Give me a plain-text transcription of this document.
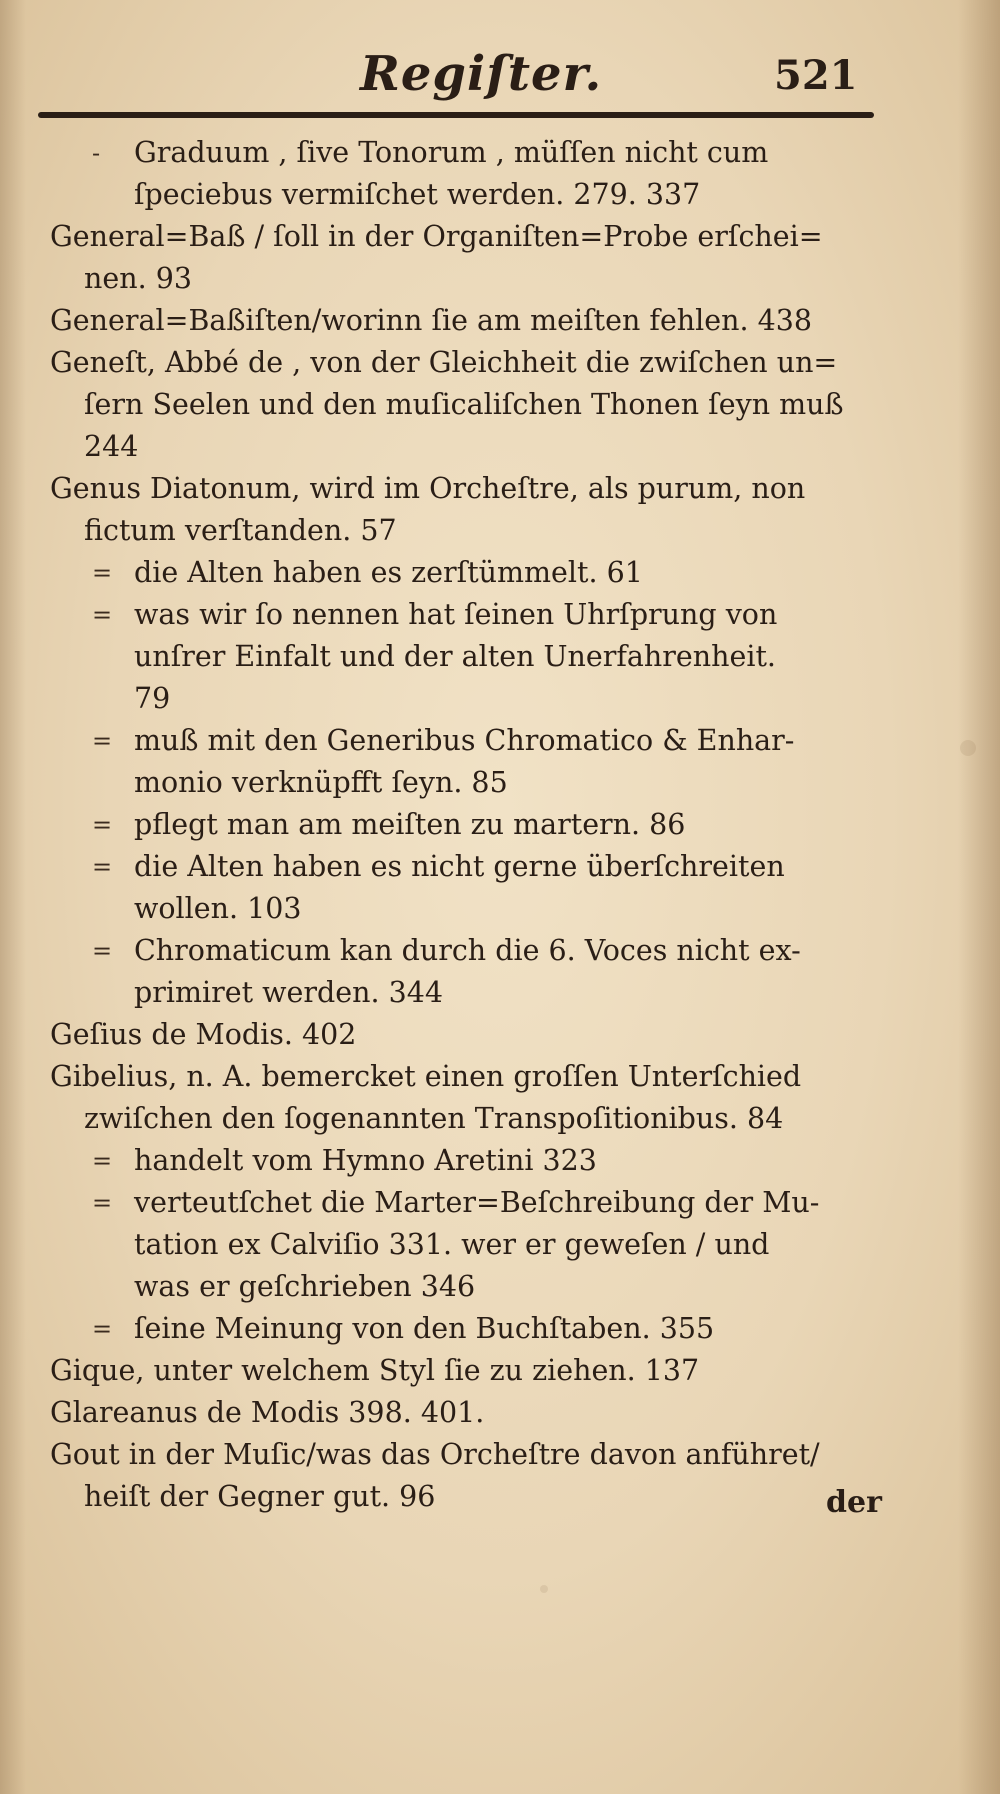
Regiſter.	521
- Graduum , ſive Tonorum , müſſen nicht cum
ſpeciebus vermiſchet werden. 279. 337
General=Baß / ſoll in der Organiſten=Probe erſchei=
nen. 93
General=Baßiſten/worinn ſie am meiſten fehlen. 438
Geneſt, Abbé de , von der Gleichheit die zwiſchen un=
ſern Seelen und den muſicaliſchen Thonen ſeyn muß
244
Genus Diatonum, wird im Orcheſtre, als purum, non
fictum verſtanden. 57
= die Alten haben es zerſtümmelt. 61
= was wir ſo nennen hat ſeinen Uhrſprung von
unſrer Einfalt und der alten Unerfahrenheit.
79
= muß mit den Generibus Chromatico & Enhar-
monio verknüpfft ſeyn. 85
= pflegt man am meiſten zu martern. 86
= die Alten haben es nicht gerne überſchreiten
wollen. 103
= Chromaticum kan durch die 6. Voces nicht ex-
primiret werden. 344
Geſius de Modis. 402
Gibelius, n. A. bemercket einen groſſen Unterſchied
zwiſchen den ſogenannten Transpoſitionibus. 84
= handelt vom Hymno Aretini 323
= verteutſchet die Marter=Beſchreibung der Mu-
tation ex Calviſio 331. wer er geweſen / und
was er geſchrieben 346
= ſeine Meinung von den Buchſtaben. 355
Gique, unter welchem Styl ſie zu ziehen. 137
Glareanus de Modis 398. 401.
Gout in der Muſic/was das Orcheſtre davon anführet/
heiſt der Gegner gut. 96	der
